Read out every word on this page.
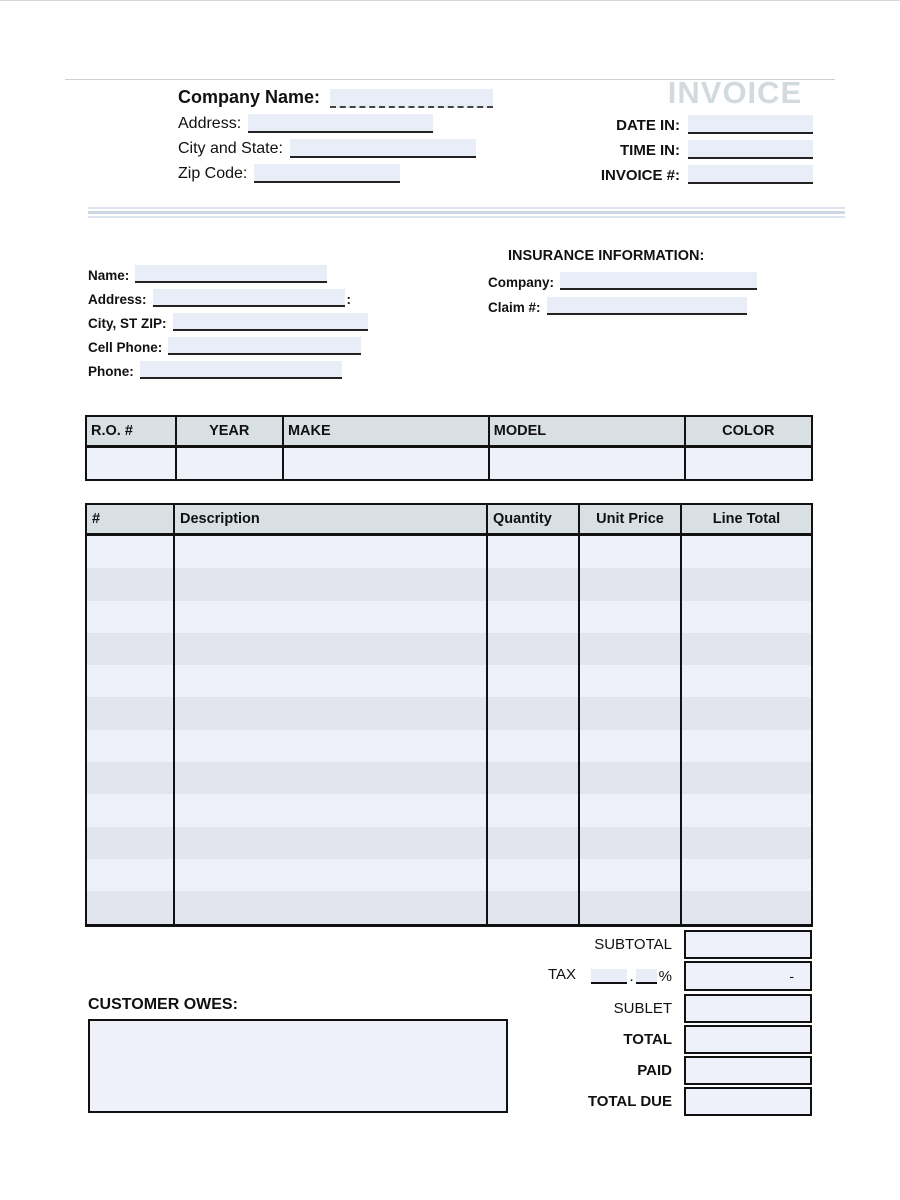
INVOICE
Company Name:
Address:
City and State:
Zip Code:
DATE IN:
TIME IN:
INVOICE #:
Name:
Address:	:
City, ST ZIP:
Cell Phone:
Phone:
INSURANCE INFORMATION:
Company:
Claim #:
R.O. #	YEAR	MAKE	MODEL	COLOR
#	Description	Quantity	Unit Price	Line Total
SUBTOTAL
TAX	. %	-
SUBLET
TOTAL
PAID
TOTAL DUE
CUSTOMER OWES:
